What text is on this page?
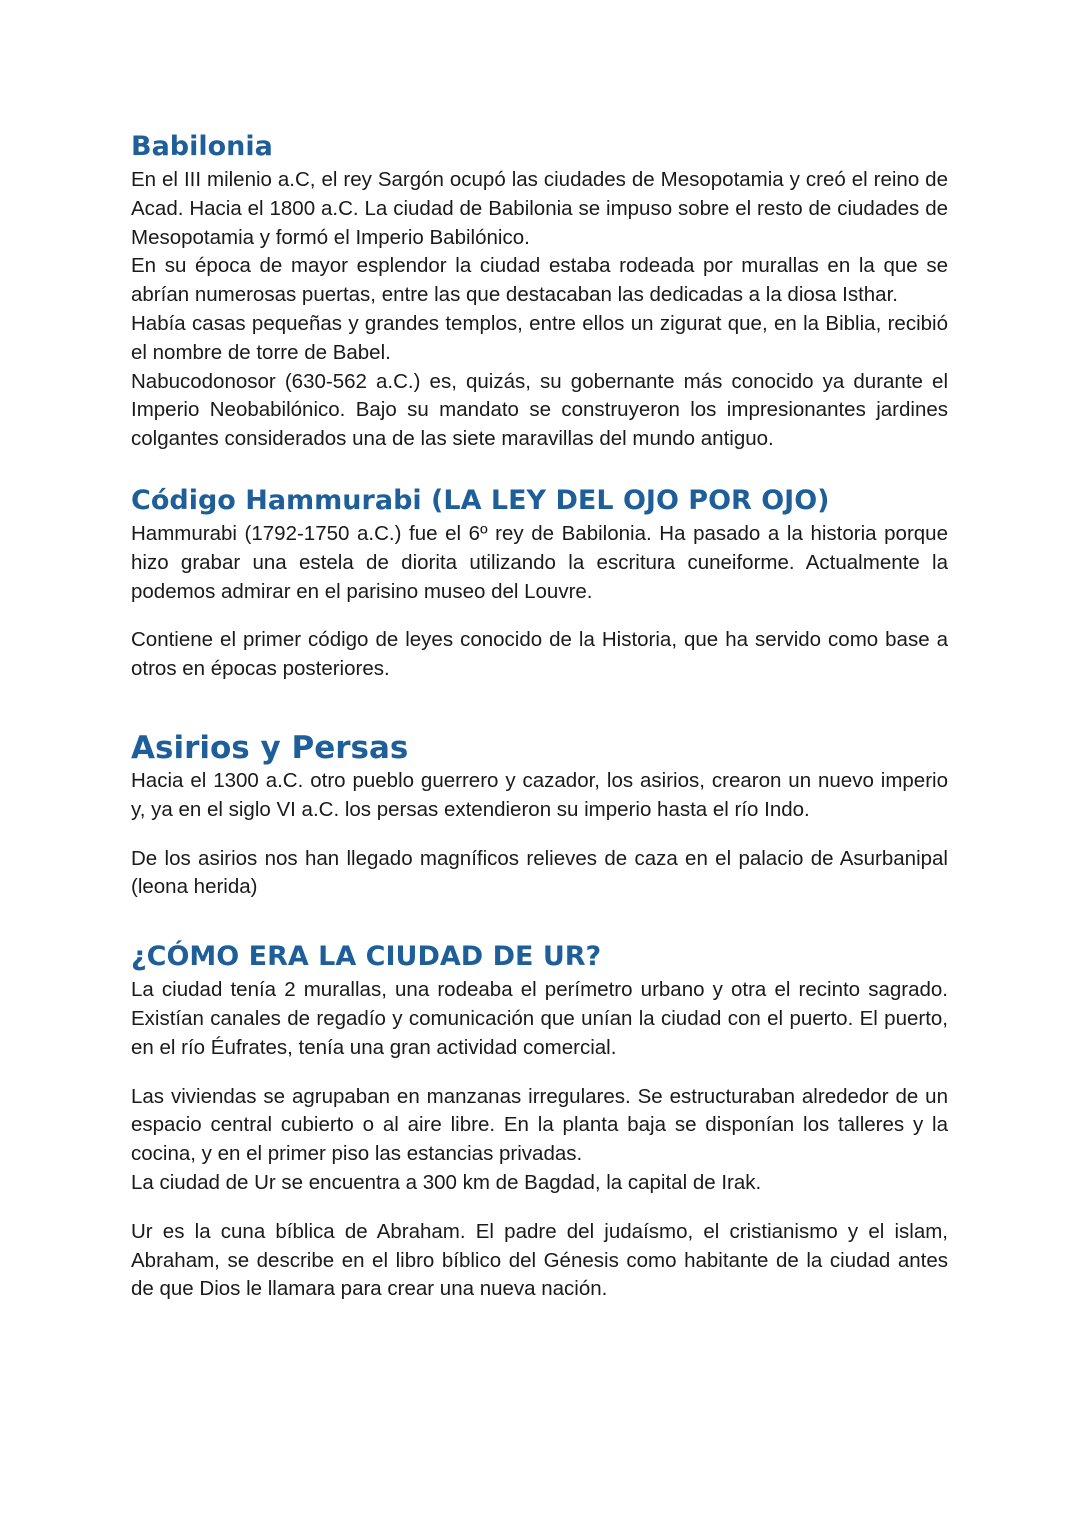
Babilonia

En el III milenio a.C, el rey Sargón ocupó las ciudades de Mesopotamia y creó el reino de Acad. Hacia el 1800 a.C. La ciudad de Babilonia se impuso sobre el resto de ciudades de Mesopotamia y formó el Imperio Babilónico.

En su época de mayor esplendor la ciudad estaba rodeada por murallas en la que se abrían numerosas puertas, entre las que destacaban las dedicadas a la diosa Isthar.

Había casas pequeñas y grandes templos, entre ellos un zigurat que, en la Biblia, recibió el nombre de torre de Babel.

Nabucodonosor (630-562 a.C.) es, quizás, su gobernante más conocido ya durante el Imperio Neobabilónico. Bajo su mandato se construyeron los impresionantes jardines colgantes considerados una de las siete maravillas del mundo antiguo.

Código Hammurabi (LA LEY DEL OJO POR OJO)

Hammurabi (1792-1750 a.C.) fue el 6º rey de Babilonia. Ha pasado a la historia porque hizo grabar una estela de diorita utilizando la escritura cuneiforme. Actualmente la podemos admirar en el parisino museo del Louvre.

Contiene el primer código de leyes conocido de la Historia, que ha servido como base a otros en épocas posteriores.

Asirios y Persas

Hacia el 1300 a.C. otro pueblo guerrero y cazador, los asirios, crearon un nuevo imperio y, ya en el siglo VI a.C. los persas extendieron su imperio hasta el río Indo.

De los asirios nos han llegado magníficos relieves de caza en el palacio de Asurbanipal (leona herida)

¿CÓMO ERA LA CIUDAD DE UR?

La ciudad tenía 2 murallas, una rodeaba el perímetro urbano y otra el recinto sagrado. Existían canales de regadío y comunicación que unían la ciudad con el puerto. El puerto, en el río Éufrates, tenía una gran actividad comercial.

Las viviendas se agrupaban en manzanas irregulares. Se estructuraban alrededor de un espacio central cubierto o al aire libre. En la planta baja se disponían los talleres y la cocina, y en el primer piso las estancias privadas.

La ciudad de Ur se encuentra a 300 km de Bagdad, la capital de Irak.

Ur es la cuna bíblica de Abraham. El padre del judaísmo, el cristianismo y el islam, Abraham, se describe en el libro bíblico del Génesis como habitante de la ciudad antes de que Dios le llamara para crear una nueva nación.
